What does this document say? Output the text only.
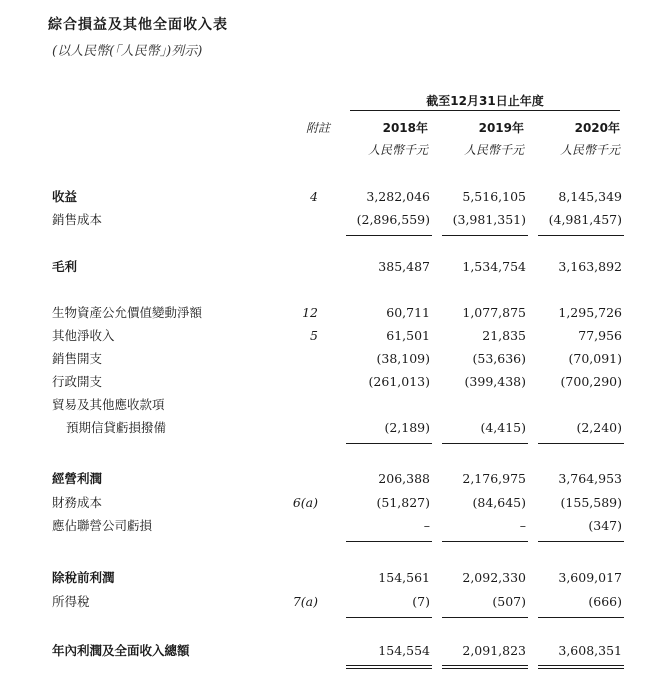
綜合損益及其他全面收入表
(以人民幣(「人民幣」)列示)
截至12月31日止年度
附註	2018年	2019年	2020年
人民幣千元	人民幣千元	人民幣千元
收益	4	3,282,046	5,516,105	8,145,349
銷售成本	(2,896,559)	(3,981,351)	(4,981,457)
毛利	385,487	1,534,754	3,163,892
生物資產公允價值變動淨額	12	60,711	1,077,875	1,295,726
其他淨收入	5	61,501	21,835	77,956
銷售開支	(38,109)	(53,636)	(70,091)
行政開支	(261,013)	(399,438)	(700,290)
貿易及其他應收款項
預期信貸虧損撥備	(2,189)	(4,415)	(2,240)
經營利潤	206,388	2,176,975	3,764,953
財務成本	6(a)	(51,827)	(84,645)	(155,589)
應佔聯營公司虧損	–	–	(347)
除稅前利潤	154,561	2,092,330	3,609,017
所得稅	7(a)	(7)	(507)	(666)
年內利潤及全面收入總額	154,554	2,091,823	3,608,351
